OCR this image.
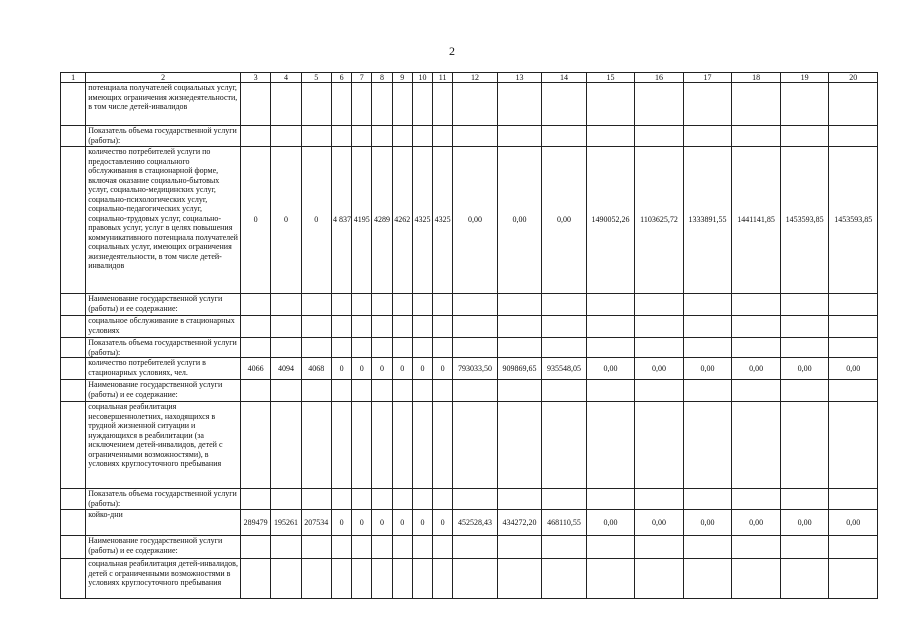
2
1	2	3	4	5	6	7	8	9	10	11	12	13	14	15	16	17	18	19	20
	потенциала получателей социальных услуг, имеющих ограничения жизнедеятельности, в том числе детей-инвалидов																		
	Показатель объема государственной услуги (работы):																		
	количество потребителей услуги по предоставлению социального обслуживания в стационарной форме, включая оказание социально-бытовых услуг, социально-медицинских услуг, социально-психологических услуг, социально-педагогических услуг, социально-трудовых услуг, социально-правовых услуг, услуг в целях повышения коммуникативного потенциала получателей социальных услуг, имеющих ограничения жизнедеятельности, в том числе детей-инвалидов	0	0	0	4 837	4195	4289	4262	4325	4325	0,00	0,00	0,00	1490052,26	1103625,72	1333891,55	1441141,85	1453593,85	1453593,85
	Наименование государственной услуги (работы) и ее содержание:																		
	социальное обслуживание в стационарных условиях																		
	Показатель объема государственной услуги (работы):																		
	количество потребителей услуги в стационарных условиях, чел.	4066	4094	4068	0	0	0	0	0	0	793033,50	909869,65	935548,05	0,00	0,00	0,00	0,00	0,00	0,00
	Наименование государственной услуги (работы) и ее содержание:																		
	социальная реабилитация несовершеннолетних, находящихся в трудной жизненной ситуации и нуждающихся в реабилитации (за исключением детей-инвалидов, детей с ограниченными возможностями), в условиях круглосуточного пребывания																		
	Показатель объема государственной услуги (работы):																		
	койко-дни	289479	195261	207534	0	0	0	0	0	0	452528,43	434272,20	468110,55	0,00	0,00	0,00	0,00	0,00	0,00
	Наименование государственной услуги (работы) и ее содержание:																		
	социальная реабилитация детей-инвалидов, детей с ограниченными возможностями в условиях круглосуточного пребывания																		
